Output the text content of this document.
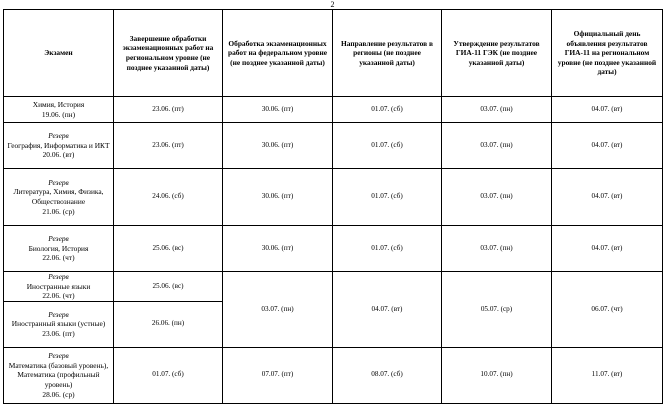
2
Экзамен	Завершение обработки экзаменационных работ на региональном уровне (не позднее указанной даты)	Обработка экзаменационных работ на федеральном уровне (не позднее указанной даты)	Направление результатов в регионы (не позднее указанной даты)	Утверждение результатов ГИА-11 ГЭК (не позднее указанной даты)	Официальный день объявления результатов ГИА-11 на региональном уровне (не позднее указанной даты)

Химия, История
19.06. (пн)	23.06. (пт)	30.06. (пт)	01.07. (сб)	03.07. (пн)	04.07. (вт)

Резерв
География, Информатика и ИКТ
20.06. (вт)	23.06. (пт)	30.06. (пт)	01.07. (сб)	03.07. (пн)	04.07. (вт)

Резерв
Литература, Химия, Физика, Обществознание
21.06. (ср)	24.06. (сб)	30.06. (пт)	01.07. (сб)	03.07. (пн)	04.07. (вт)

Резерв
Биология, История
22.06. (чт)	25.06. (вс)	30.06. (пт)	01.07. (сб)	03.07. (пн)	04.07. (вт)

Резерв
Иностранные языки
22.06. (чт)	25.06. (вс)	03.07. (пн)	04.07. (вт)	05.07. (ср)	06.07. (чт)

Резерв
Иностранный языки (устные)
23.06. (пт)	26.06. (пн)				

Резерв
Математика (базовый уровень), Математика (профильный уровень)
28.06. (ср)	01.07. (сб)	07.07. (пт)	08.07. (сб)	10.07. (пн)	11.07. (вт)
